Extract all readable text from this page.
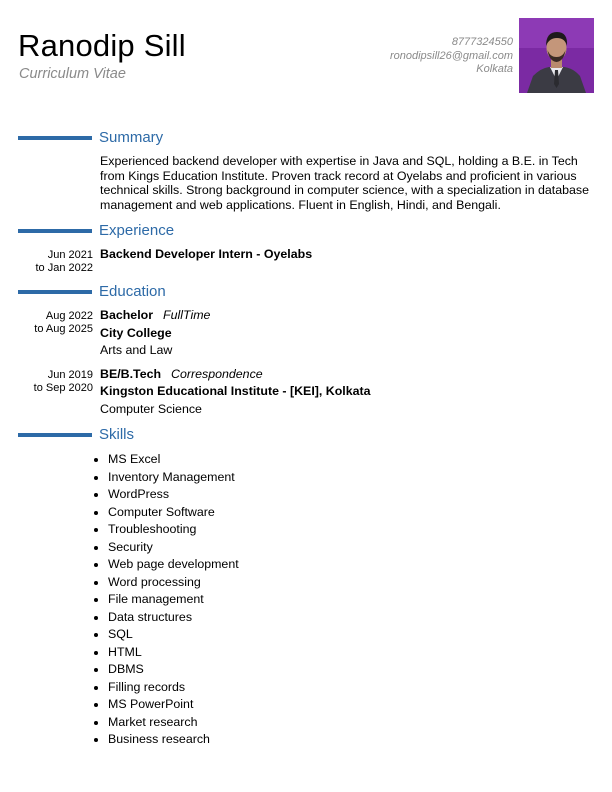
Ranodip Sill
Curriculum Vitae
8777324550
ronodipsill26@gmail.com
Kolkata
Summary
Experienced backend developer with expertise in Java and SQL, holding a B.E. in Tech from Kings Education Institute. Proven track record at Oyelabs and proficient in various technical skills. Strong background in computer science, with a specialization in database management and web applications. Fluent in English, Hindi, and Bengali.
Experience
Jun 2021
to Jan 2022
Backend Developer Intern - Oyelabs
Education
Aug 2022
to Aug 2025
Bachelor FullTime
City College
Arts and Law
Jun 2019
to Sep 2020
BE/B.Tech Correspondence
Kingston Educational Institute - [KEI], Kolkata
Computer Science
Skills
• MS Excel
• Inventory Management
• WordPress
• Computer Software
• Troubleshooting
• Security
• Web page development
• Word processing
• File management
• Data structures
• SQL
• HTML
• DBMS
• Filling records
• MS PowerPoint
• Market research
• Business research
